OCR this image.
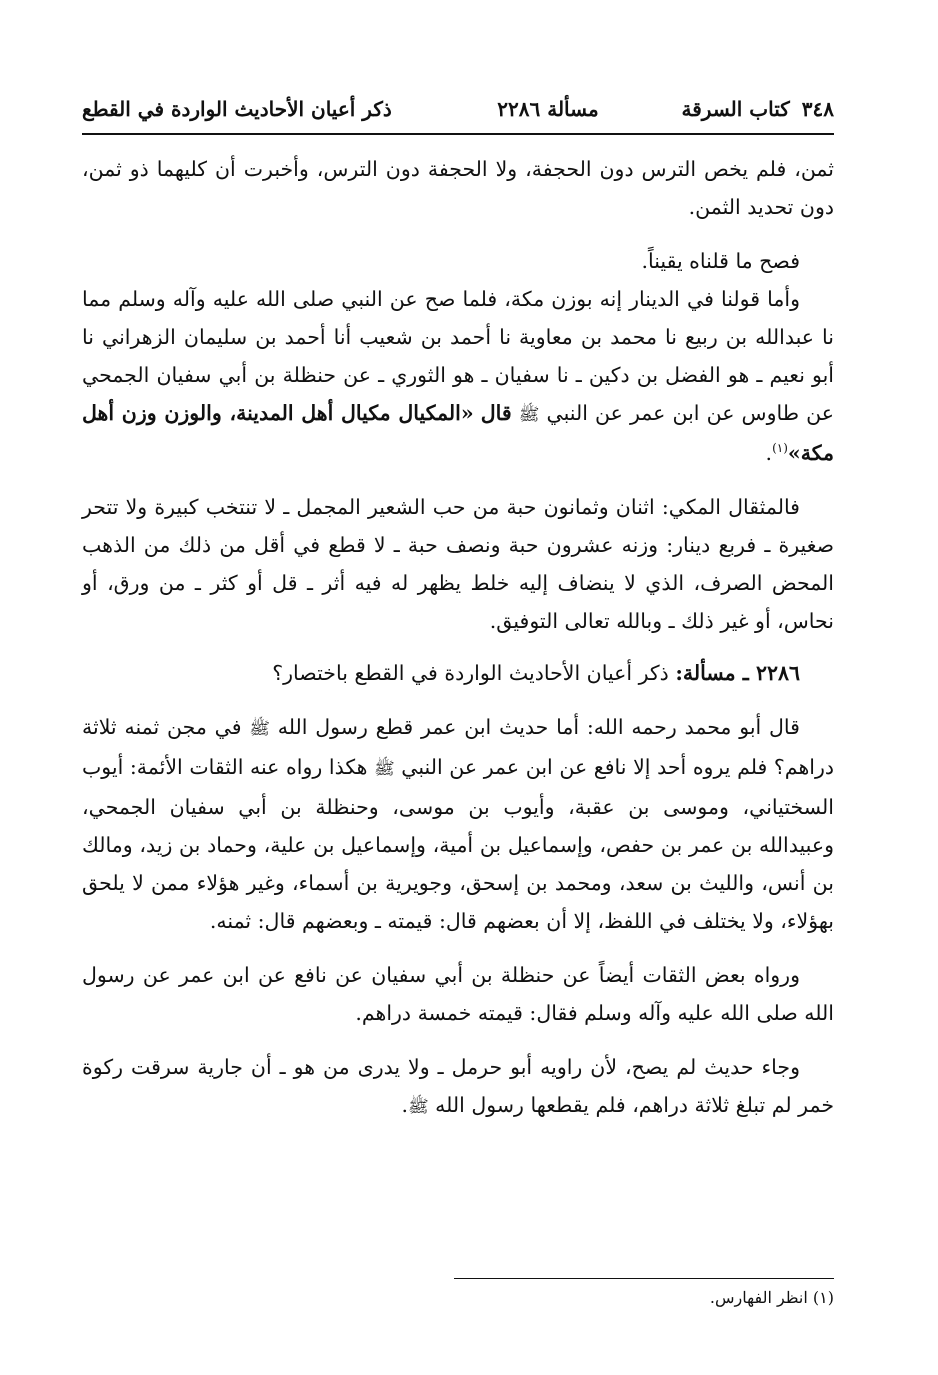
٣٤٨كتاب السرقة
مسألة ٢٢٨٦
ذكر أعيان الأحاديث الواردة في القطع

ثمن، فلم يخص الترس دون الحجفة، ولا الحجفة دون الترس، وأخبرت أن كليهما ذو ثمن، دون تحديد الثمن.

فصح ما قلناه يقيناً.

وأما قولنا في الدينار إنه بوزن مكة، فلما صح عن النبي صلى الله عليه وآله وسلم مما نا عبدالله بن ربيع نا محمد بن معاوية نا أحمد بن شعيب أنا أحمد بن سليمان الزهراني نا أبو نعيم ـ هو الفضل بن دكين ـ نا سفيان ـ هو الثوري ـ عن حنظلة بن أبي سفيان الجمحي عن طاوس عن ابن عمر عن النبي ﷺ قال «المكيال مكيال أهل المدينة، والوزن وزن أهل مكة»$^{(١)}$.

فالمثقال المكي: اثنان وثمانون حبة من حب الشعير المجمل ـ لا تنتخب كبيرة ولا تتحر صغيرة ـ فربع دينار: وزنه عشرون حبة ونصف حبة ـ لا قطع في أقل من ذلك من الذهب المحض الصرف، الذي لا ينضاف إليه خلط يظهر له فيه أثر ـ قل أو كثر ـ من ورق، أو نحاس، أو غير ذلك ـ وبالله تعالى التوفيق.

٢٢٨٦ ـ مسألة: ذكر أعيان الأحاديث الواردة في القطع باختصار؟

قال أبو محمد رحمه الله: أما حديث ابن عمر قطع رسول الله ﷺ في مجن ثمنه ثلاثة دراهم؟ فلم يروه أحد إلا نافع عن ابن عمر عن النبي ﷺ هكذا رواه عنه الثقات الأئمة: أيوب السختياني، وموسى بن عقبة، وأيوب بن موسى، وحنظلة بن أبي سفيان الجمحي، وعبيدالله بن عمر بن حفص، وإسماعيل بن أمية، وإسماعيل بن علية، وحماد بن زيد، ومالك بن أنس، والليث بن سعد، ومحمد بن إسحق، وجويرية بن أسماء، وغير هؤلاء ممن لا يلحق بهؤلاء، ولا يختلف في اللفظ، إلا أن بعضهم قال: قيمته ـ وبعضهم قال: ثمنه.

ورواه بعض الثقات أيضاً عن حنظلة بن أبي سفيان عن نافع عن ابن عمر عن رسول الله صلى الله عليه وآله وسلم فقال: قيمته خمسة دراهم.

وجاء حديث لم يصح، لأن راويه أبو حرمل ـ ولا يدرى من هو ـ أن جارية سرقت ركوة خمر لم تبلغ ثلاثة دراهم، فلم يقطعها رسول الله ﷺ.

(١) انظر الفهارس.
